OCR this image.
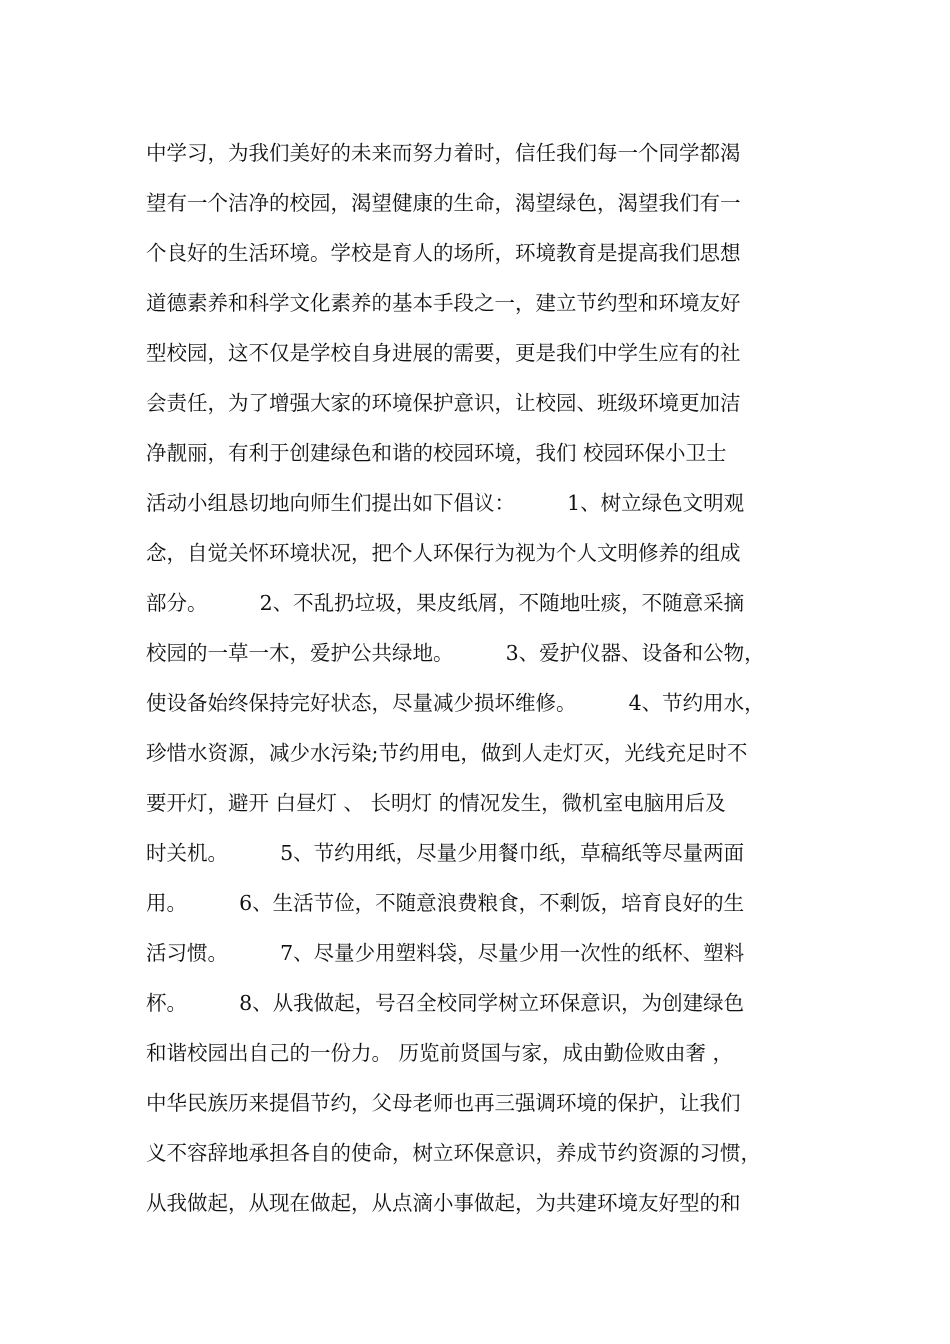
中学习，为我们美好的未来而努力着时，信任我们每一个同学都渴
望有一个洁净的校园，渴望健康的生命，渴望绿色，渴望我们有一
个良好的生活环境。学校是育人的场所，环境教育是提高我们思想
道德素养和科学文化素养的基本手段之一，建立节约型和环境友好
型校园，这不仅是学校自身进展的需要，更是我们中学生应有的社
会责任，为了增强大家的环境保护意识，让校园、班级环境更加洁
净靓丽，有利于创建绿色和谐的校园环境，我们 校园环保小卫士
活动小组恳切地向师生们提出如下倡议：        1、树立绿色文明观
念，自觉关怀环境状况，把个人环保行为视为个人文明修养的组成
部分。        2、不乱扔垃圾，果皮纸屑，不随地吐痰，不随意采摘
校园的一草一木，爱护公共绿地。        3、爱护仪器、设备和公物，
使设备始终保持完好状态，尽量减少损坏维修。        4、节约用水，
珍惜水资源，减少水污染;节约用电，做到人走灯灭，光线充足时不
要开灯，避开 白昼灯 、 长明灯 的情况发生，微机室电脑用后及
时关机。        5、节约用纸，尽量少用餐巾纸，草稿纸等尽量两面
用。        6、生活节俭，不随意浪费粮食，不剩饭，培育良好的生
活习惯。        7、尽量少用塑料袋，尽量少用一次性的纸杯、塑料
杯。        8、从我做起，号召全校同学树立环保意识，为创建绿色
和谐校园出自己的一份力。 历览前贤国与家，成由勤俭败由奢 ，
中华民族历来提倡节约，父母老师也再三强调环境的保护，让我们
义不容辞地承担各自的使命，树立环保意识，养成节约资源的习惯，
从我做起，从现在做起，从点滴小事做起，为共建环境友好型的和
